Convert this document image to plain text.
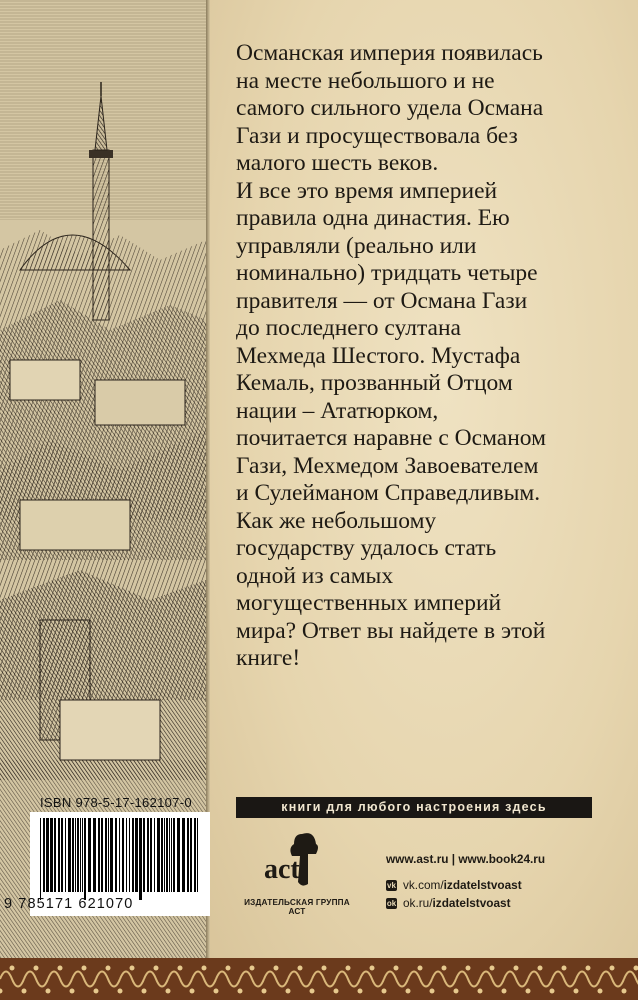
Османская империя появилась
на месте небольшого и не
самого сильного удела Османа
Гази и просуществовала без
малого шесть веков.
И все это время империей
правила одна династия. Ею
управляли (реально или
номинально) тридцать четыре
правителя — от Османа Гази
до последнего султана
Мехмеда Шестого. Мустафа
Кемаль, прозванный Отцом
нации – Ататюрком,
почитается наравне с Османом
Гази, Мехмедом Завоевателем
и Сулейманом Справедливым.
Как же небольшому
государству удалось стать
одной из самых
могущественных империй
мира? Ответ вы найдете в этой
книге!

книги для любого настроения здесь
ISBN 978-5-17-162107-0
9 785171 621070
act
ИЗДАТЕЛЬСКАЯ ГРУППА АСТ
www.ast.ru | www.book24.ru
vk vk.com/ izdatelstvoast
ok ok.ru/ izdatelstvoast
